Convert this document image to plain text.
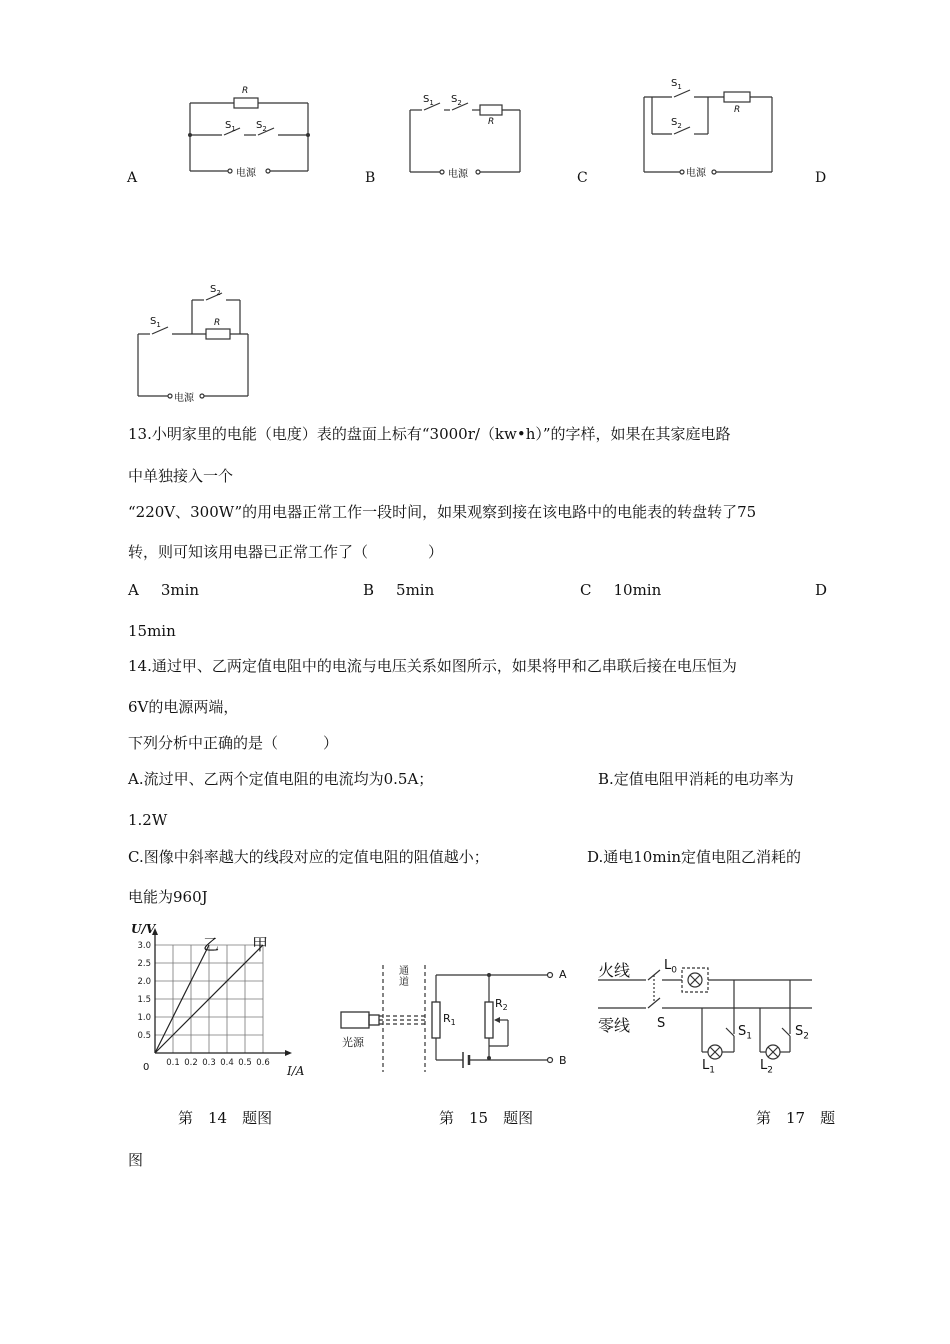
R
$S_1$ $S_2$
电源
$S_1$ $S_2$
R
电源
$S_1$
R
$S_2$
电源
$S_1$
$S_2$
R
电源
A	B	C	D
13.小明家里的电能（电度）表的盘面上标有“3000r/（kw•h）”的字样，如果在其家庭电路
中单独接入一个
“220V、300W”的用电器正常工作一段时间，如果观察到接在该电路中的电能表的转盘转了75
转，则可知该用电器已正常工作了（　　　　）
A 3min	B 5min	C 10min	D
15min
14.通过甲、乙两定值电阻中的电流与电压关系如图所示，如果将甲和乙串联后接在电压恒为
6V的电源两端，
下列分析中正确的是（　　　）
A.流过甲、乙两个定值电阻的电流均为0.5A；	B.定值电阻甲消耗的电功率为
1.2W
C.图像中斜率越大的线段对应的定值电阻的阻值越小；	D.通电10min定值电阻乙消耗的
电能为960J
0.1 0.2 0.3 0.4 0.5 0.6
0.5
1.0
1.5
2.0
2.5
3.0
U/V
I/A
0
乙 甲
第　14　题图
通道
光源
$R_1$
$R_2$
A
B
第　15　题图
火线
零线
$L_0$
S
$S_1$	$S_2$
$L_1$	$L_2$
第　17　题
图
